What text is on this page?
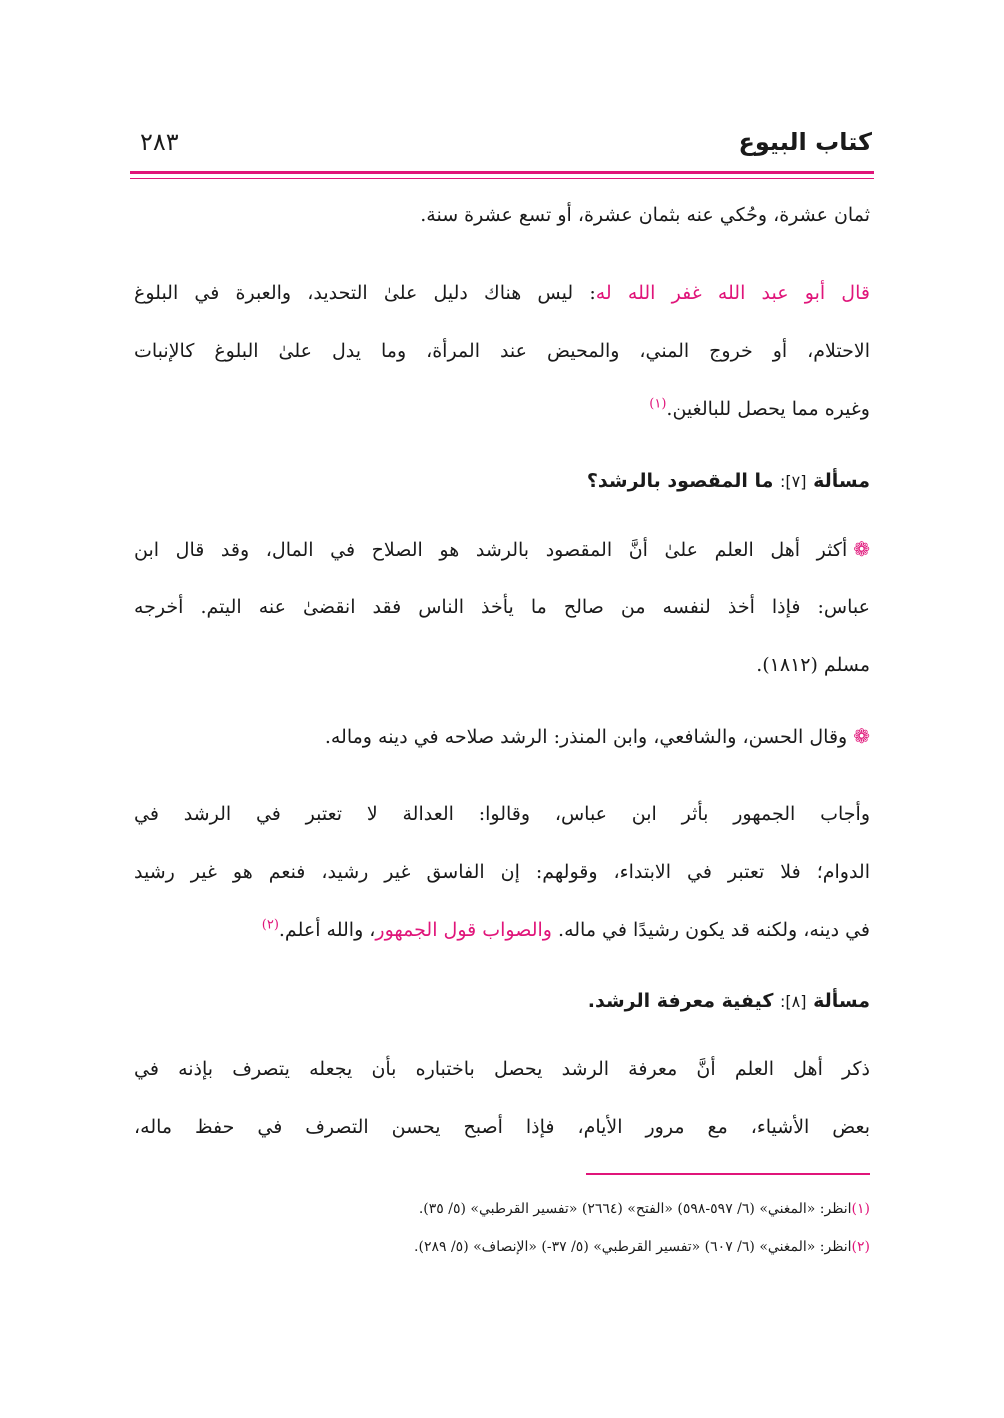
كتاب البيوع
٢٨٣
ثمان عشرة، وحُكي عنه بثمان عشرة، أو تسع عشرة سنة.
قال أبو عبد الله غفر الله له: ليس هناك دليل علىٰ التحديد، والعبرة في البلوغ
الاحتلام، أو خروج المني، والمحيض عند المرأة، وما يدل علىٰ البلوغ كالإنبات
وغيره مما يحصل للبالغين.$^{(١)}$
مسألة [٧]: ما المقصود بالرشد؟
❁أكثر أهل العلم علىٰ أنَّ المقصود بالرشد هو الصلاح في المال، وقد قال ابن
عباس: فإذا أخذ لنفسه من صالح ما يأخذ الناس فقد انقضىٰ عنه اليتم. أخرجه
مسلم (١٨١٢).
❁وقال الحسن، والشافعي، وابن المنذر: الرشد صلاحه في دينه وماله.
وأجاب الجمهور بأثر ابن عباس، وقالوا: العدالة لا تعتبر في الرشد في
الدوام؛ فلا تعتبر في الابتداء، وقولهم: إن الفاسق غير رشيد، فنعم هو غير رشيد
في دينه، ولكنه قد يكون رشيدًا في ماله. والصواب قول الجمهور، والله أعلم.$^{(٢)}$
مسألة [٨]: كيفية معرفة الرشد.
ذكر أهل العلم أنَّ معرفة الرشد يحصل باختباره بأن يجعله يتصرف بإذنه في
بعض الأشياء، مع مرور الأيام، فإذا أصبح يحسن التصرف في حفظ ماله،
(١)انظر: «المغني» (٦/ ٥٩٧-٥٩٨) «الفتح» (٢٦٦٤) «تفسير القرطبي» (٥/ ٣٥).
(٢)انظر: «المغني» (٦/ ٦٠٧) «تفسير القرطبي» (٥/ ٣٧-) «الإنصاف» (٥/ ٢٨٩).
